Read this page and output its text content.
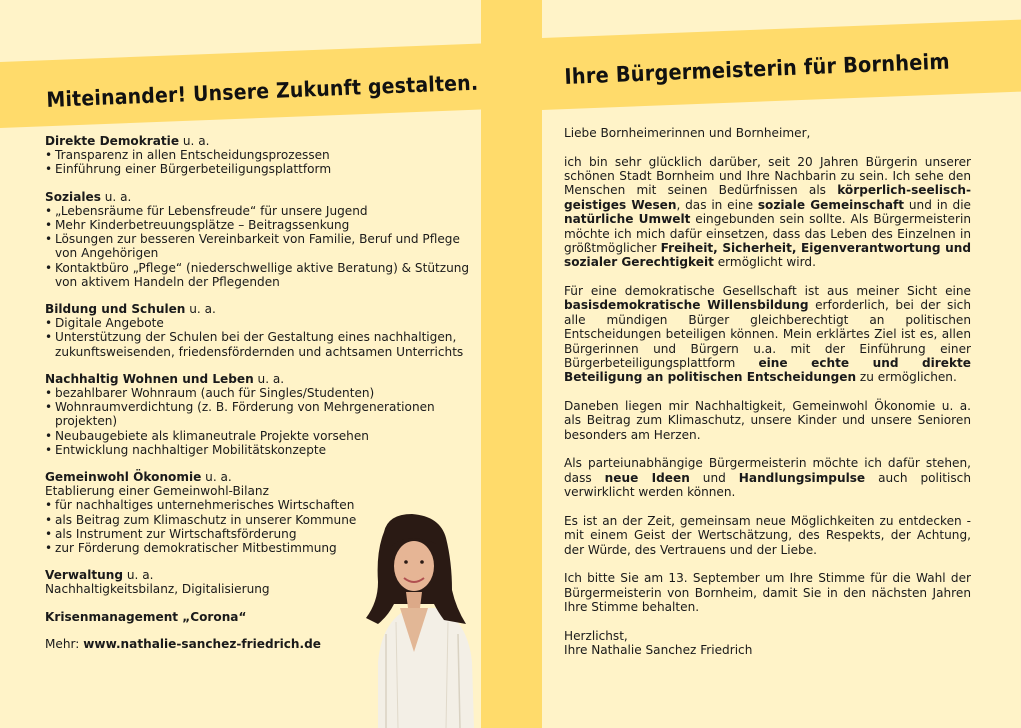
Miteinander! Unsere Zukunft gestalten.
Ihre Bürgermeisterin für Bornheim
Direkte Demokratie u. a.
• Transparenz in allen Entscheidungsprozessen
• Einführung einer Bürgerbeteiligungsplattform
Soziales u. a.
• „Lebensräume für Lebensfreude“ für unsere Jugend
• Mehr Kinderbetreuungsplätze – Beitragssenkung
• Lösungen zur besseren Vereinbarkeit von Familie, Beruf und Pflege von Angehörigen
• Kontaktbüro „Pflege“ (niederschwellige aktive Beratung) & Stützung von aktivem Handeln der Pflegenden
Bildung und Schulen u. a.
• Digitale Angebote
• Unterstützung der Schulen bei der Gestaltung eines nachhaltigen, zukunftsweisenden, friedensfördernden und achtsamen Unterrichts
Nachhaltig Wohnen und Leben u. a.
• bezahlbarer Wohnraum (auch für Singles/Studenten)
• Wohnraumverdichtung (z. B. Förderung von Mehrgenerationen projekten)
• Neubaugebiete als klimaneutrale Projekte vorsehen
• Entwicklung nachhaltiger Mobilitätskonzepte
Gemeinwohl Ökonomie u. a.
Etablierung einer Gemeinwohl-Bilanz
• für nachhaltiges unternehmerisches Wirtschaften
• als Beitrag zum Klimaschutz in unserer Kommune
• als Instrument zur Wirtschaftsförderung
• zur Förderung demokratischer Mitbestimmung
Verwaltung u. a.
Nachhaltigkeitsbilanz, Digitalisierung
Krisenmanagement „Corona“
Mehr: www.nathalie-sanchez-friedrich.de

Liebe Bornheimerinnen und Bornheimer,

ich bin sehr glücklich darüber, seit 20 Jahren Bürgerin unserer schönen Stadt Bornheim und Ihre Nachbarin zu sein. Ich sehe den Menschen mit seinen Bedürfnissen als körperlich-seelisch-geistiges Wesen, das in eine soziale Gemeinschaft und in die natürliche Umwelt eingebunden sein sollte. Als Bürgermeisterin möchte ich mich dafür einsetzen, dass das Leben des Einzelnen in größtmöglicher Freiheit, Sicherheit, Eigenverantwortung und sozialer Gerechtigkeit ermöglicht wird.

Für eine demokratische Gesellschaft ist aus meiner Sicht eine basisdemokratische Willensbildung erforderlich, bei der sich alle mündigen Bürger gleichberechtigt an politischen Entscheidungen beteiligen können. Mein erklärtes Ziel ist es, allen Bürgerinnen und Bürgern u.a. mit der Einführung einer Bürgerbeteiligungsplattform eine echte und direkte Beteiligung an politischen Entscheidungen zu ermöglichen.

Daneben liegen mir Nachhaltigkeit, Gemeinwohl Ökonomie u. a. als Beitrag zum Klimaschutz, unsere Kinder und unsere Senioren besonders am Herzen.

Als parteiunabhängige Bürgermeisterin möchte ich dafür stehen, dass neue Ideen und Handlungsimpulse auch politisch verwirklicht werden können.

Es ist an der Zeit, gemeinsam neue Möglichkeiten zu entdecken - mit einem Geist der Wertschätzung, des Respekts, der Achtung, der Würde, des Vertrauens und der Liebe.

Ich bitte Sie am 13. September um Ihre Stimme für die Wahl der Bürgermeisterin von Bornheim, damit Sie in den nächsten Jahren Ihre Stimme behalten.

Herzlichst,
Ihre Nathalie Sanchez Friedrich
